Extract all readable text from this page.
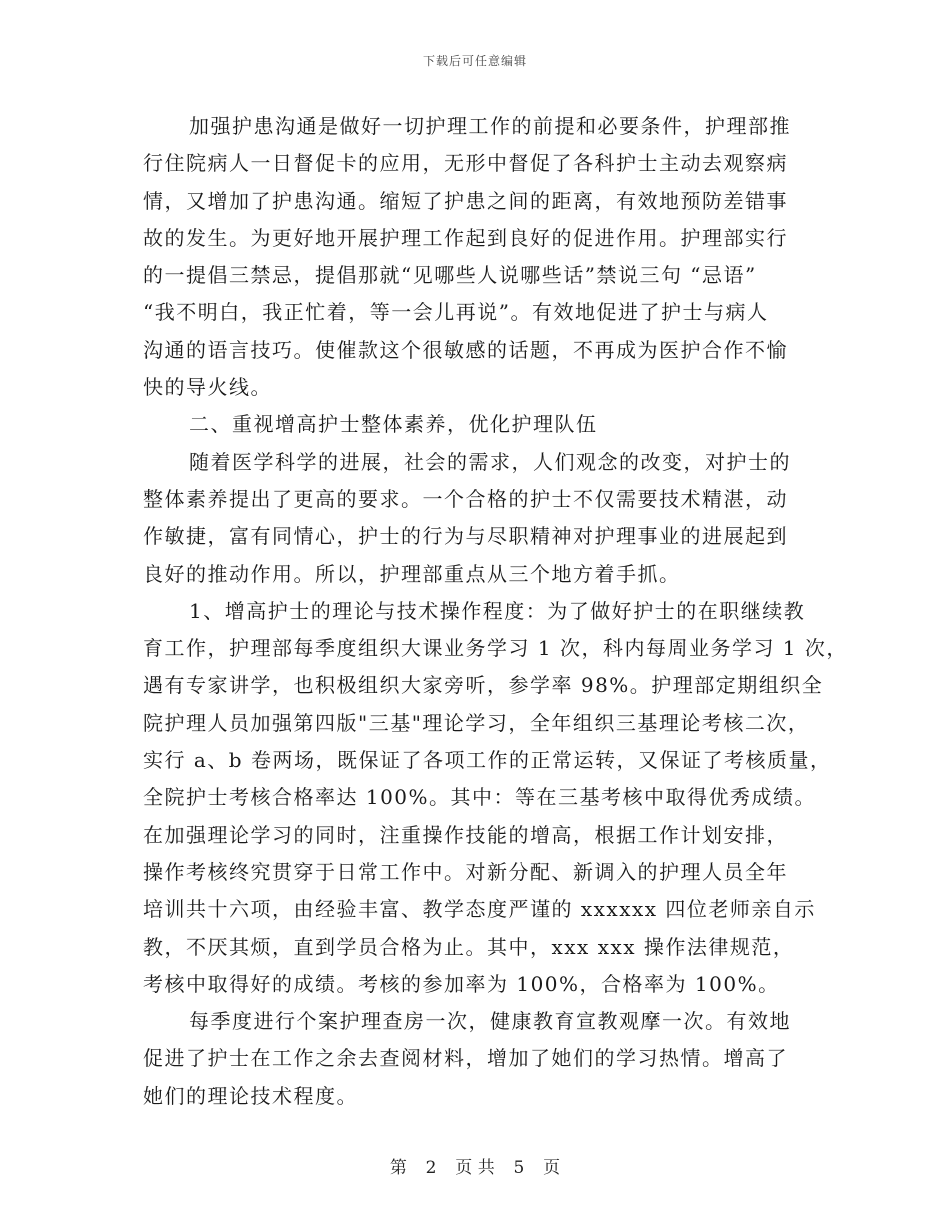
下载后可任意编辑
加强护患沟通是做好一切护理工作的前提和必要条件，护理部推
行住院病人一日督促卡的应用，无形中督促了各科护士主动去观察病
情，又增加了护患沟通。缩短了护患之间的距离，有效地预防差错事
故的发生。为更好地开展护理工作起到良好的促进作用。护理部实行
的一提倡三禁忌，提倡那就“见哪些人说哪些话”禁说三句 “忌语”
“我不明白，我正忙着，等一会儿再说”。有效地促进了护士与病人
沟通的语言技巧。使催款这个很敏感的话题，不再成为医护合作不愉
快的导火线。
二、重视增高护士整体素养，优化护理队伍
随着医学科学的进展，社会的需求，人们观念的改变，对护士的
整体素养提出了更高的要求。一个合格的护士不仅需要技术精湛，动
作敏捷，富有同情心，护士的行为与尽职精神对护理事业的进展起到
良好的推动作用。所以，护理部重点从三个地方着手抓。
1、增高护士的理论与技术操作程度：为了做好护士的在职继续教
育工作，护理部每季度组织大课业务学习 1 次，科内每周业务学习 1 次，
遇有专家讲学，也积极组织大家旁听，参学率 98%。护理部定期组织全
院护理人员加强第四版"三基"理论学习，全年组织三基理论考核二次，
实行 a、b 卷两场，既保证了各项工作的正常运转，又保证了考核质量，
全院护士考核合格率达 100%。其中：等在三基考核中取得优秀成绩。
在加强理论学习的同时，注重操作技能的增高，根据工作计划安排，
操作考核终究贯穿于日常工作中。对新分配、新调入的护理人员全年
培训共十六项，由经验丰富、教学态度严谨的 xxxxxx 四位老师亲自示
教，不厌其烦，直到学员合格为止。其中，xxx xxx 操作法律规范，
考核中取得好的成绩。考核的参加率为 100%，合格率为 100%。
每季度进行个案护理查房一次，健康教育宣教观摩一次。有效地
促进了护士在工作之余去查阅材料，增加了她们的学习热情。增高了
她们的理论技术程度。
第 2 页 共 5 页
